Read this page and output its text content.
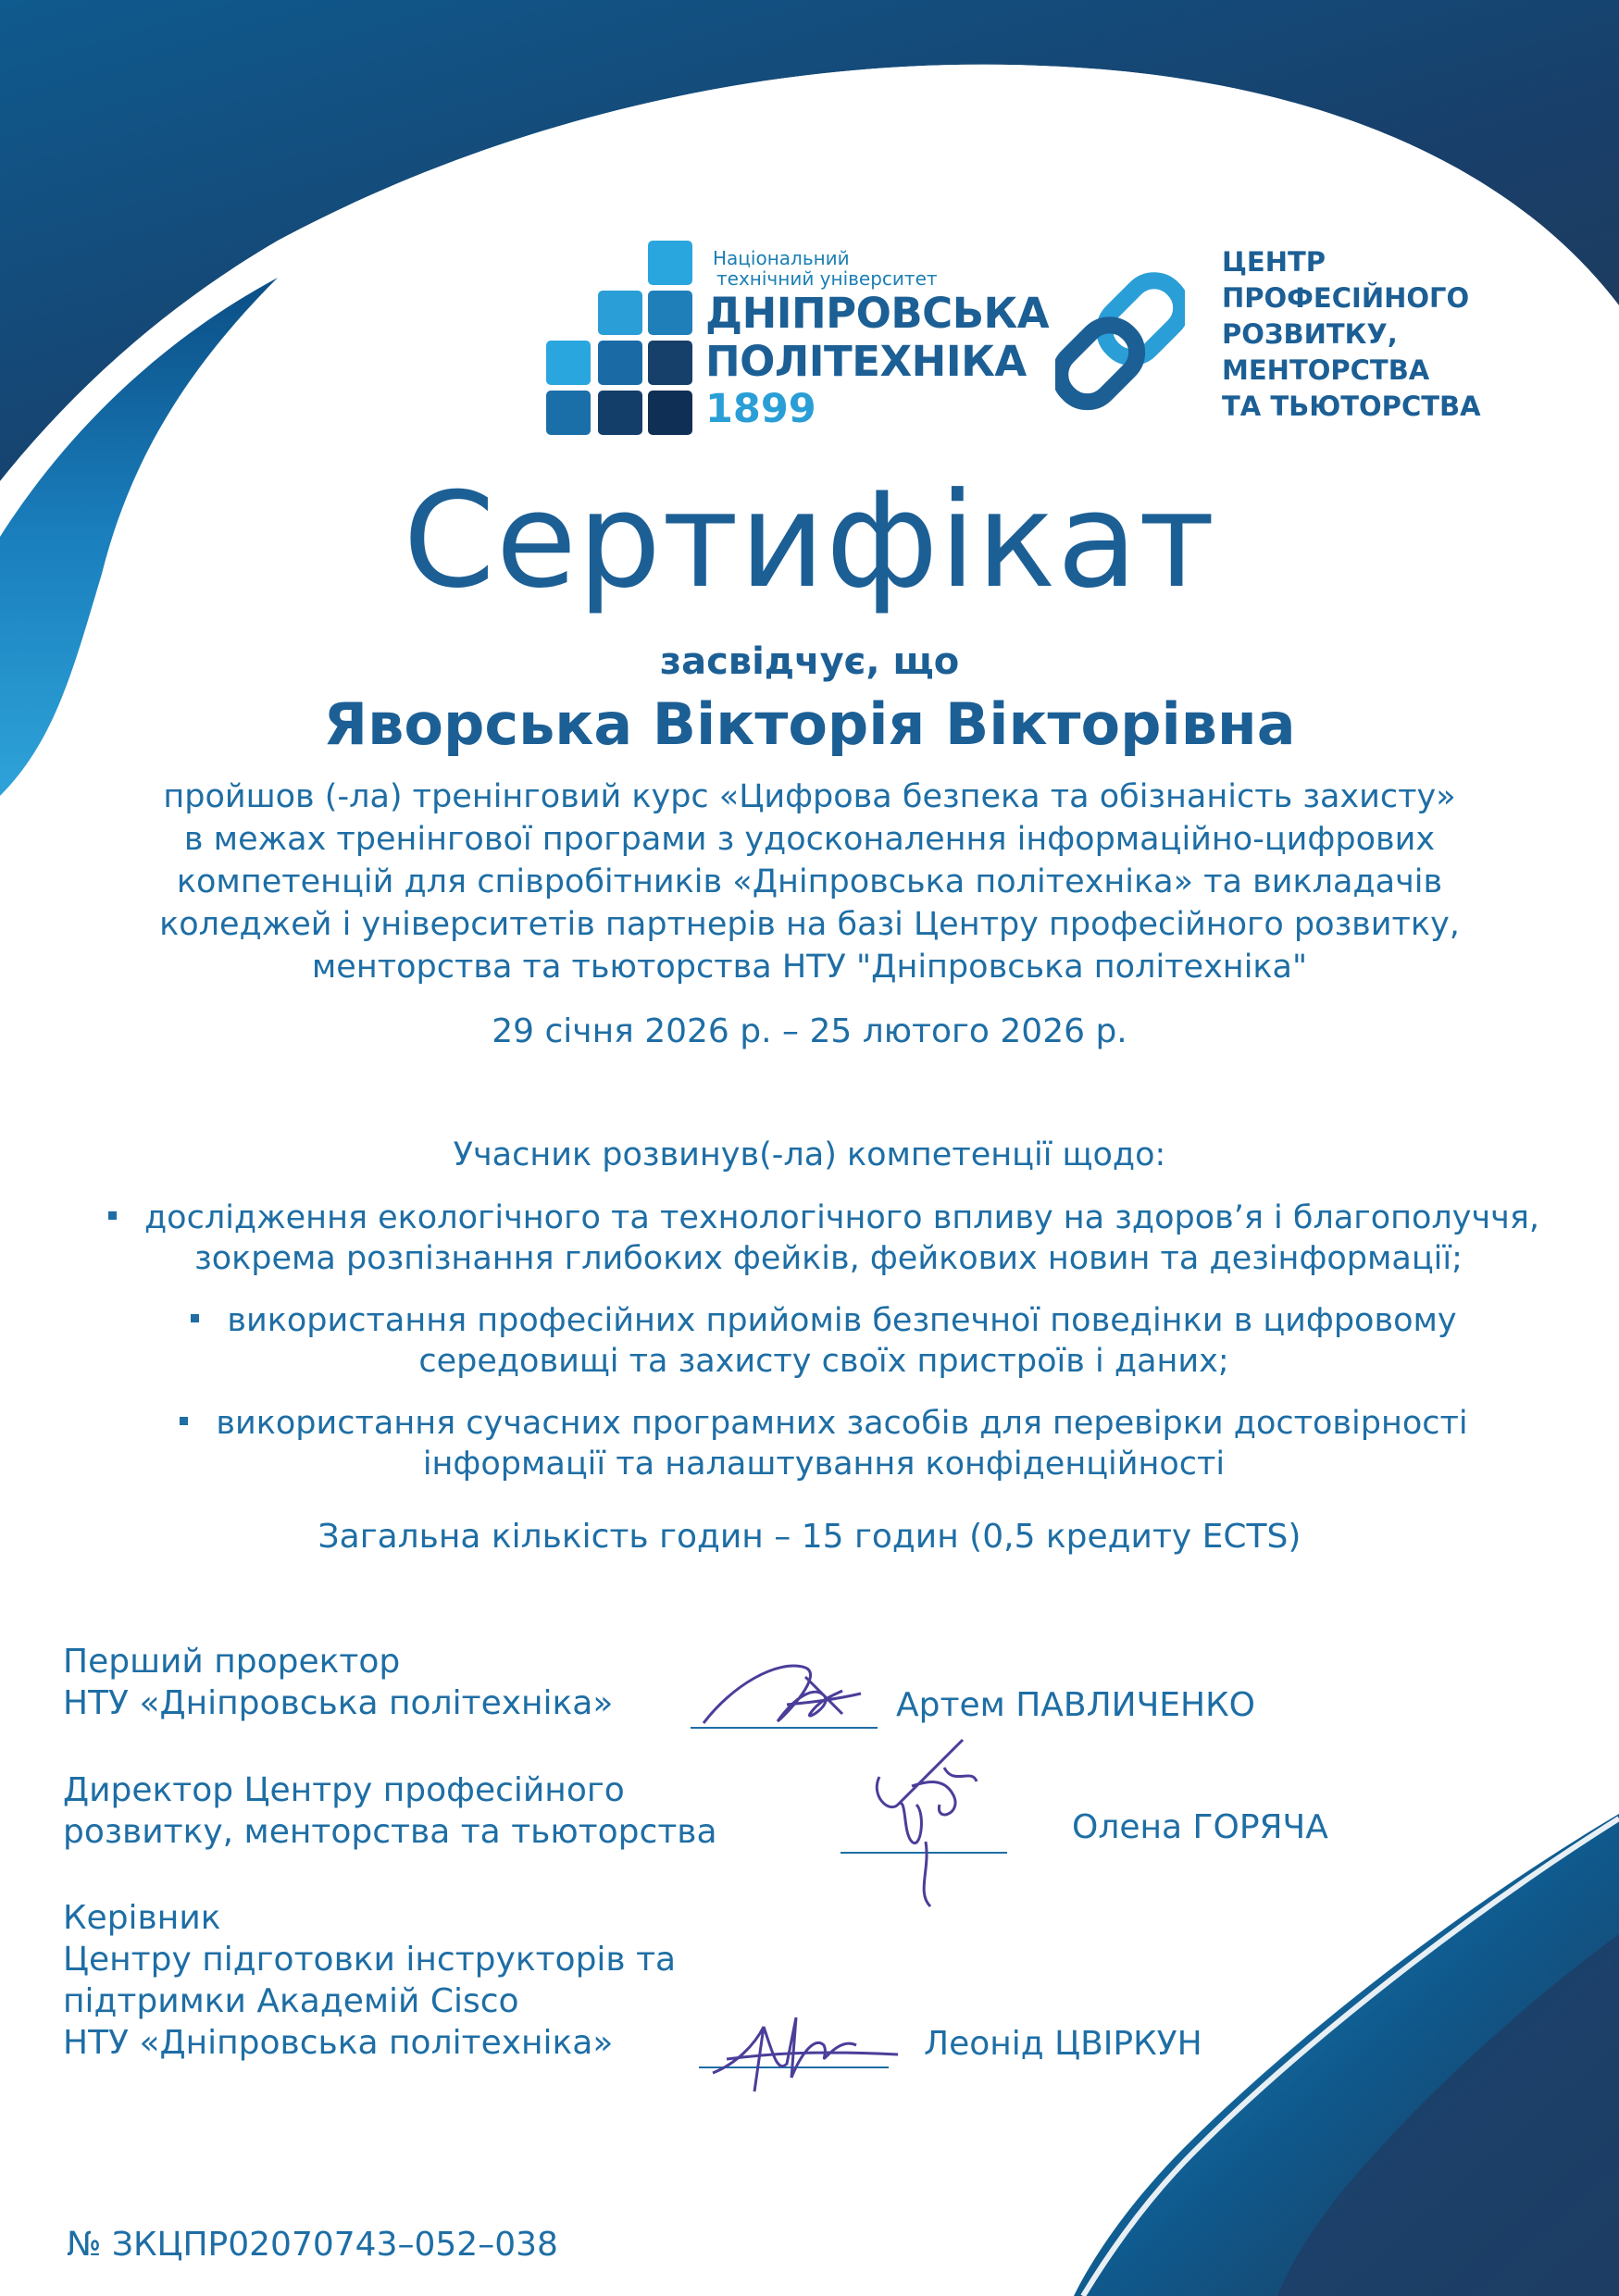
Національний
технічний університет
ДНІПРОВСЬКА
ПОЛІТЕХНІКА
1899
ЦЕНТР
ПРОФЕСІЙНОГО
РОЗВИТКУ,
МЕНТОРСТВА
ТА ТЬЮТОРСТВА
Сертифікат
засвідчує, що
Яворська Вікторія Вікторівна
пройшов (-ла) тренінговий курс «Цифрова безпека та обізнаність захисту»
в межах тренінгової програми з удосконалення інформаційно-цифрових
компетенцій для співробітників «Дніпровська політехніка» та викладачів
коледжей і університетів партнерів на базі Центру професійного розвитку,
менторства та тьюторства НТУ "Дніпровська політехніка"
29 січня 2026 р. – 25 лютого 2026 р.
Учасник розвинув(-ла) компетенції щодо:
дослідження екологічного та технологічного впливу на здоров’я і благополуччя,
зокрема розпізнання глибоких фейків, фейкових новин та дезінформації;
використання професійних прийомів безпечної поведінки в цифровому
середовищі та захисту своїх пристроїв і даних;
використання сучасних програмних засобів для перевірки достовірності
інформації та налаштування конфіденційності
Загальна кількість годин – 15 годин (0,5 кредиту ECTS)
Перший проректор
НТУ «Дніпровська політехніка»	Артем ПАВЛИЧЕНКО
Директор Центру професійного
розвитку, менторства та тьюторства	Олена ГОРЯЧА
Керівник
Центру підготовки інструкторів та
підтримки Академій Cisco
НТУ «Дніпровська політехніка»	Леонід ЦВІРКУН
№ ЗКЦПР02070743–052–038
